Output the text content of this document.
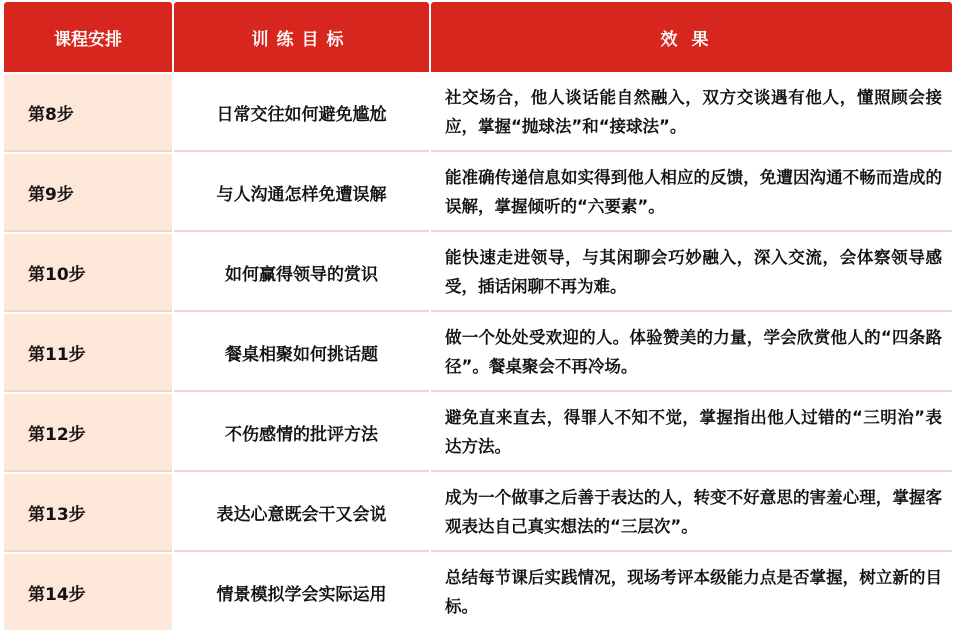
课程安排	训练目标	效果
第8步	日常交往如何避免尴尬	社交场合，他人谈话能自然融入，双方交谈遇有他人，懂照顾会接应，掌握“抛球法”和“接球法”。
第9步	与人沟通怎样免遭误解	能准确传递信息如实得到他人相应的反馈，免遭因沟通不畅而造成的误解，掌握倾听的“六要素”。
第10步	如何赢得领导的赏识	能快速走进领导，与其闲聊会巧妙融入，深入交流，会体察领导感受，插话闲聊不再为难。
第11步	餐桌相聚如何挑话题	做一个处处受欢迎的人。体验赞美的力量，学会欣赏他人的“四条路径”。餐桌聚会不再冷场。
第12步	不伤感情的批评方法	避免直来直去，得罪人不知不觉，掌握指出他人过错的“三明治”表达方法。
第13步	表达心意既会干又会说	成为一个做事之后善于表达的人，转变不好意思的害羞心理，掌握客观表达自己真实想法的“三层次”。
第14步	情景模拟学会实际运用	总结每节课后实践情况，现场考评本级能力点是否掌握，树立新的目标。
